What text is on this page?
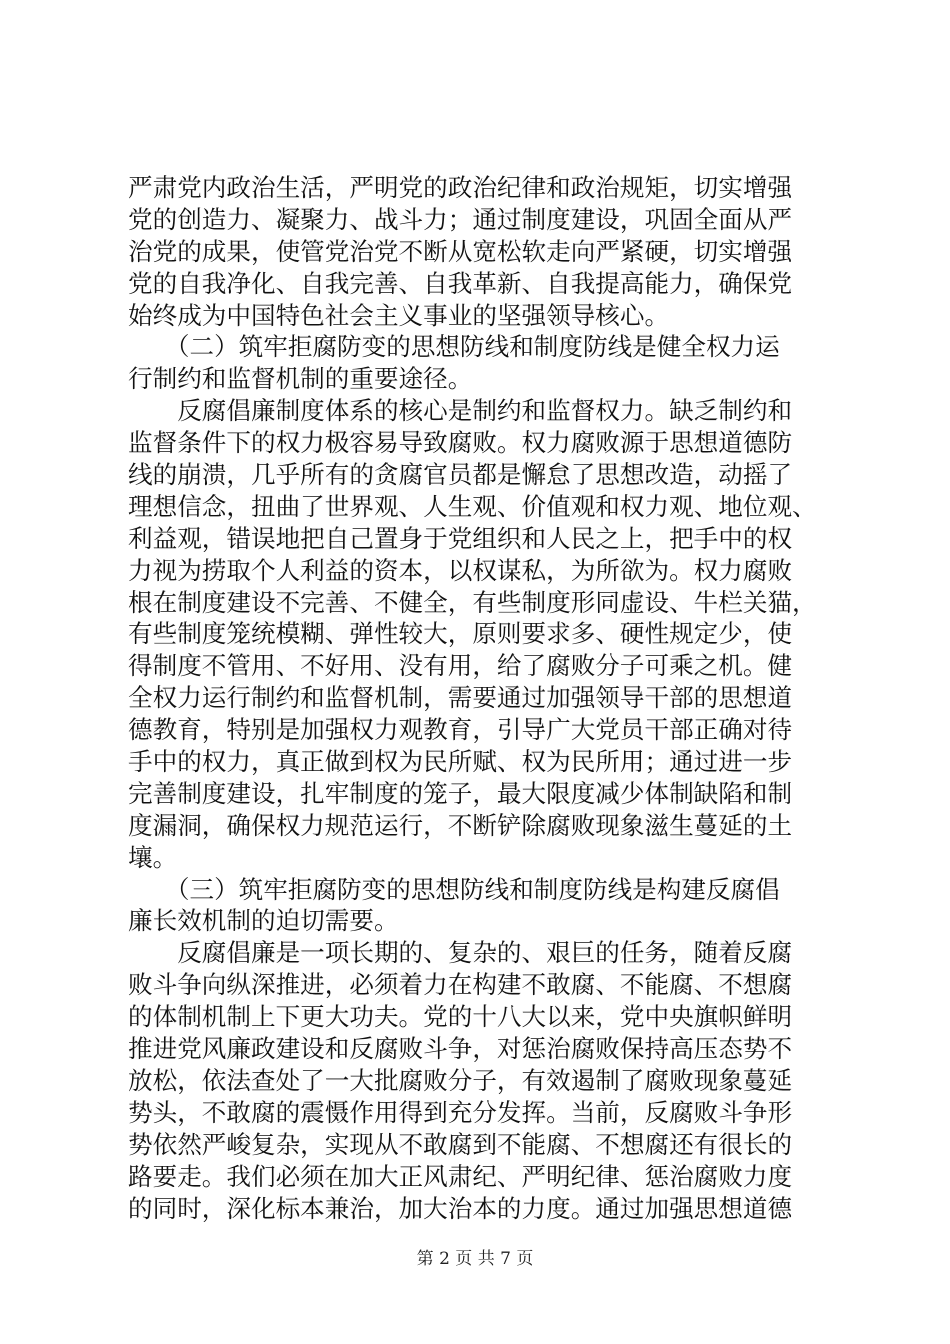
严肃党内政治生活，严明党的政治纪律和政治规矩，切实增强
党的创造力、凝聚力、战斗力；通过制度建设，巩固全面从严
治党的成果，使管党治党不断从宽松软走向严紧硬，切实增强
党的自我净化、自我完善、自我革新、自我提高能力，确保党
始终成为中国特色社会主义事业的坚强领导核心。
　　（二）筑牢拒腐防变的思想防线和制度防线是健全权力运
行制约和监督机制的重要途径。
　　反腐倡廉制度体系的核心是制约和监督权力。缺乏制约和
监督条件下的权力极容易导致腐败。权力腐败源于思想道德防
线的崩溃，几乎所有的贪腐官员都是懈怠了思想改造，动摇了
理想信念，扭曲了世界观、人生观、价值观和权力观、地位观、
利益观，错误地把自己置身于党组织和人民之上，把手中的权
力视为捞取个人利益的资本，以权谋私，为所欲为。权力腐败
根在制度建设不完善、不健全，有些制度形同虚设、牛栏关猫，
有些制度笼统模糊、弹性较大，原则要求多、硬性规定少，使
得制度不管用、不好用、没有用，给了腐败分子可乘之机。健
全权力运行制约和监督机制，需要通过加强领导干部的思想道
德教育，特别是加强权力观教育，引导广大党员干部正确对待
手中的权力，真正做到权为民所赋、权为民所用；通过进一步
完善制度建设，扎牢制度的笼子，最大限度减少体制缺陷和制
度漏洞，确保权力规范运行，不断铲除腐败现象滋生蔓延的土
壤。
　　（三）筑牢拒腐防变的思想防线和制度防线是构建反腐倡
廉长效机制的迫切需要。
　　反腐倡廉是一项长期的、复杂的、艰巨的任务，随着反腐
败斗争向纵深推进，必须着力在构建不敢腐、不能腐、不想腐
的体制机制上下更大功夫。党的十八大以来，党中央旗帜鲜明
推进党风廉政建设和反腐败斗争，对惩治腐败保持高压态势不
放松，依法查处了一大批腐败分子，有效遏制了腐败现象蔓延
势头，不敢腐的震慑作用得到充分发挥。当前，反腐败斗争形
势依然严峻复杂，实现从不敢腐到不能腐、不想腐还有很长的
路要走。我们必须在加大正风肃纪、严明纪律、惩治腐败力度
的同时，深化标本兼治，加大治本的力度。通过加强思想道德
第 2 页 共 7 页
